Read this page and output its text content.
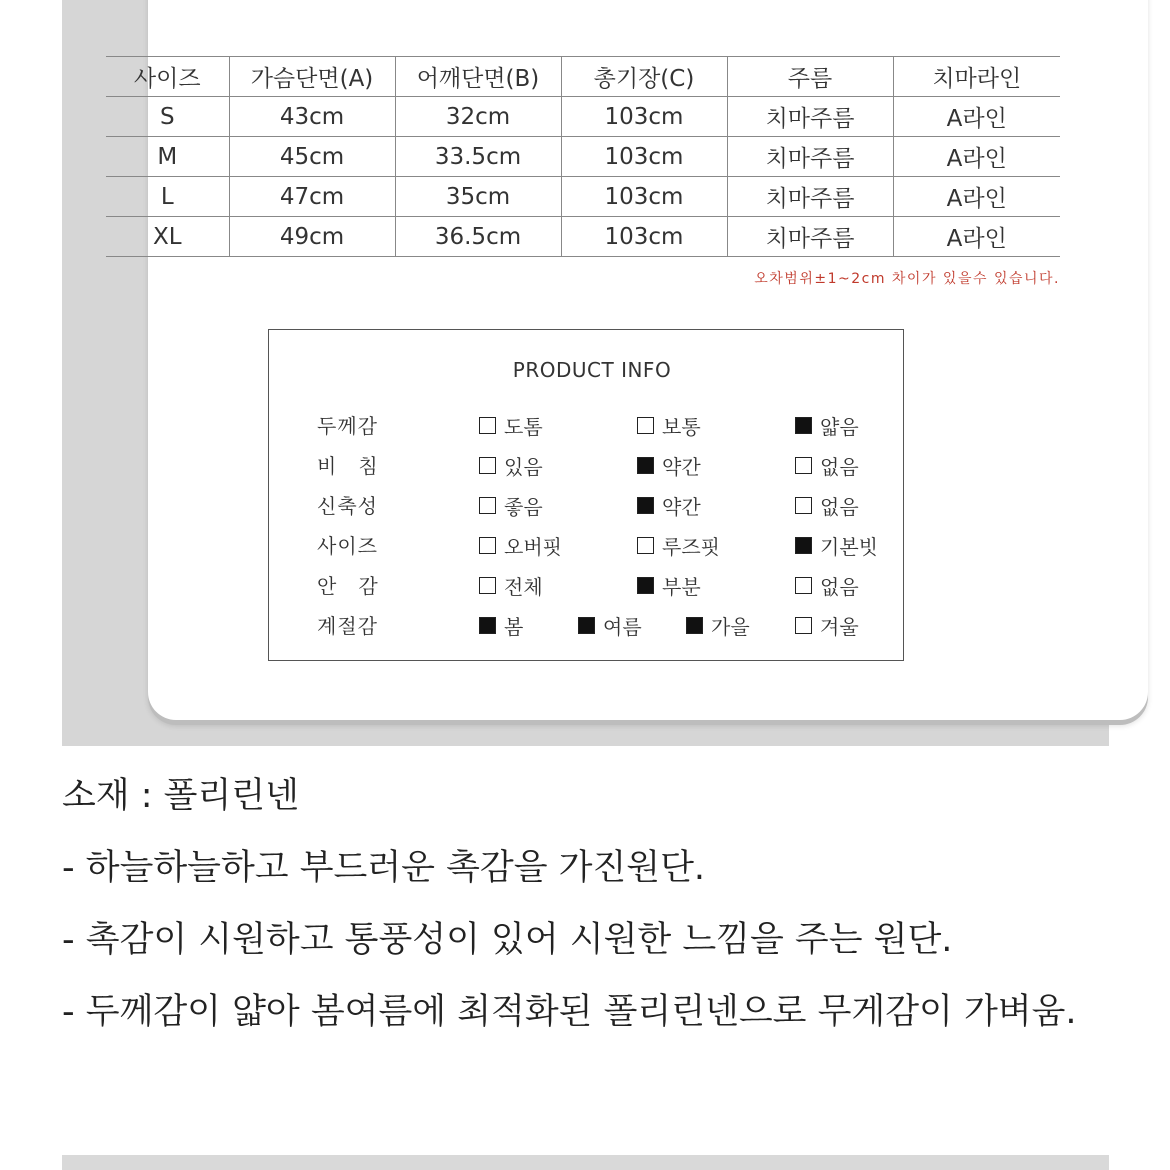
사이즈	가슴단면(A)	어깨단면(B)	총기장(C)	주름	치마라인
S	43cm	32cm	103cm	치마주름	A라인
M	45cm	33.5cm	103cm	치마주름	A라인
L	47cm	35cm	103cm	치마주름	A라인
XL	49cm	36.5cm	103cm	치마주름	A라인
오차범위±1~2cm 차이가 있을수 있습니다.
PRODUCT INFO
두께감	도톰	보통	얇음
비　침	있음	약간	없음
신축성	좋음	약간	없음
사이즈	오버핏	루즈핏	기본빗
안　감	전체	부분	없음
계절감	봄	여름	가을	겨울
소재 : 폴리린넨
- 하늘하늘하고 부드러운 촉감을 가진원단.
- 촉감이 시원하고 통풍성이 있어 시원한 느낌을 주는 원단.
- 두께감이 얇아 봄여름에 최적화된 폴리린넨으로 무게감이 가벼움.
